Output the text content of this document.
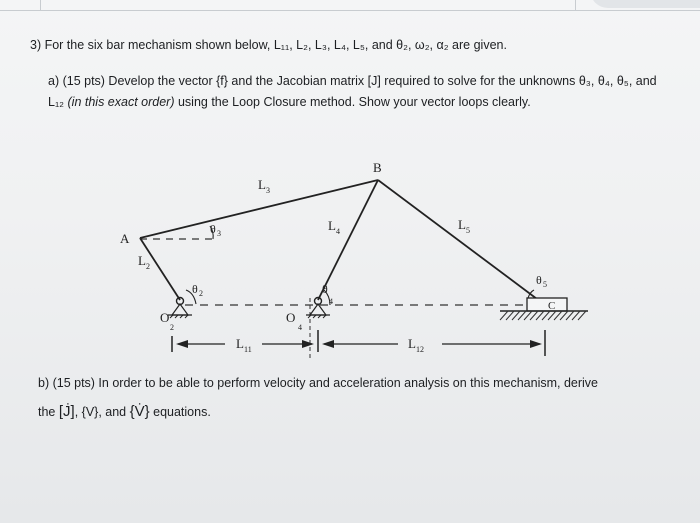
3) For the six bar mechanism shown below, L₁₁, L₂, L₃, L₄, L₅, and θ₂, ω₂, α₂ are given.
a) (15 pts) Develop the vector {f} and the Jacobian matrix [J] required to solve for the unknowns θ₃, θ₄, θ₅, and
L₁₂ (in this exact order) using the Loop Closure method. Show your vector loops clearly.
A
B
C
L 2
L 3
L 4	L 5
L 11	L 12
θ 3
θ 2	θ
4
θ 5
O
2
O
4
b) (15 pts) In order to be able to perform velocity and acceleration analysis on this mechanism, derive
the [J̇], {V}, and {V̇} equations.
